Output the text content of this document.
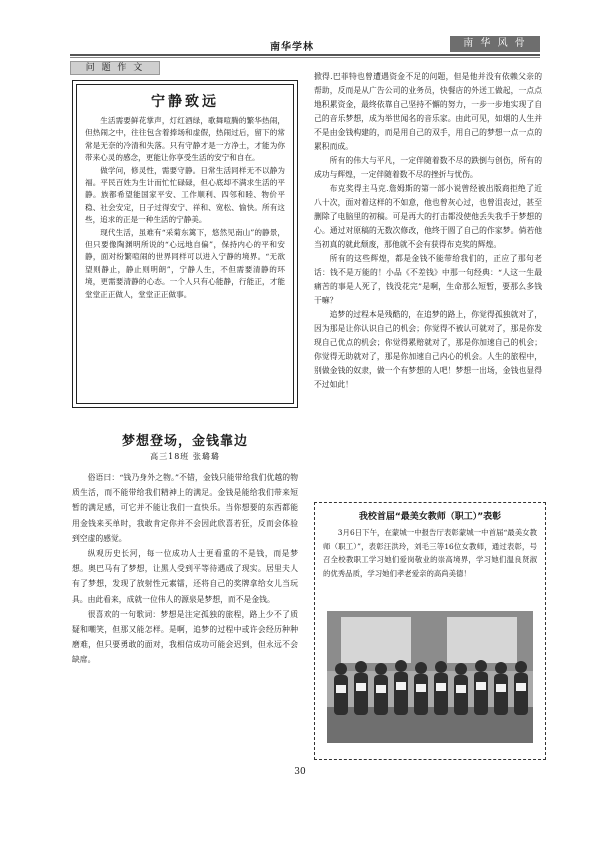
南华学林	南 华 风 骨
问 题 作 文
宁静致远

生活需要鲜花掌声，灯红酒绿，歌舞喧腾的繁华热闹，但热闹之中，往往包含着捧场和虚假，热闹过后，留下的常常是无奈的冷清和失落。只有守静才是一方净土，才能为你带来心灵的感念，更能让你享受生活的安宁和自在。

做学问，修灵性，需要守静。日常生活同样无不以静为福。平民百姓为生计而忙忙碌碌，但心底却不满求生活的平静。族都希望能国家平安、工作顺利、四邻和睦、物价平稳、社会安定，日子过得安宁、祥和、宽松、愉快。所有这些，追求的正是一种生活的宁静美。

现代生活，虽难有“采菊东篱下，悠然见南山”的静景，但只要像陶渊明所说的“心远地自偏”，保持内心的平和安静，面对纷繁喧闹的世界同样可以进入宁静的境界。“无欲望则静止，静止则明朗”，宁静人生，不但需要清静的环境，更需要清静的心态。一个人只有心能静，行能正，才能堂堂正正做人，堂堂正正做事。

梦想登场，金钱靠边
高三18班 张璐璐

俗语曰：“钱乃身外之物。”不错，金钱只能带给我们优越的物质生活，而不能带给我们精神上的满足。金钱是能给我们带来短暂的满足感，可它并不能让我们一直快乐。当你想要的东西都能用金钱来买单时，我敢肯定你并不会因此欣喜若狂，反而会体验到空虚的感觉。

纵观历史长河，每一位成功人士更看重的不是钱，而是梦想。奥巴马有了梦想，让黑人受到平等待遇成了现实。居里夫人有了梦想，发现了放射性元素镭，还将自己的奖牌拿给女儿当玩具。由此看来，成就一位伟人的源泉是梦想，而不是金钱。

很喜欢的一句歌词：梦想是注定孤独的旅程，路上少不了质疑和嘲笑，但那又能怎样。是啊，追梦的过程中或许会经历种种磨难，但只要勇敢的面对，我相信成功可能会迟到，但永远不会缺席。

掀得.巴菲特也曾遭遇资金不足的问题，但是他并没有依赖父亲的帮助，反而是从广告公司的业务员，快餐店的外送工做起，一点点地积累资金，最终依靠自己坚持不懈的努力，一步一步地实现了自己的音乐梦想，成为举世闻名的音乐家。由此可见，如烟的人生并不是由金钱构建的，而是用自己的双手，用自己的梦想一点一点的累积而成。

所有的伟大与平凡，一定伴随着数不尽的跌倒与创伤，所有的成功与辉煌，一定伴随着数不尽的挫折与忧伤。

布克奖得主马克.詹姆斯的第一部小说曾经被出版商拒绝了近八十次，面对着这样的不如意，他也曾灰心过，也曾沮丧过，甚至删除了电脑里的初稿。可是再大的打击都没使他丢失我手于梦想的心。通过对原稿的无数次修改，他终于圆了自己的作家梦。倘若他当初真的就此颓废，那他就不会有获得布克奖的辉煌。

所有的这些辉煌，都是金钱不能带给我们的，正应了那句老话：钱不是万能的！小品《不差钱》中那一句经典：“人这一生最痛苦的事是人死了，钱没花完”是啊，生命那么短暂，要那么多钱干嘛？

追梦的过程本是残酷的，在追梦的路上，你觉得孤独就对了，因为那是让你认识自己的机会；你觉得不被认可就对了，那是你发现自己优点的机会；你觉得累赔就对了，那是你加速自己的机会；你觉得无助就对了，那是你加速自己内心的机会。人生的旅程中，别做金钱的奴隶，做一个有梦想的人吧！梦想一出场，金钱也显得不过如此！

我校首届“最美女教师（职工）”表彰

3月6日下午，在蒙城一中报告厅表彰蒙城一中首届“最美女教师（职工）”，表彰汪洪玲，刘毛三等16位女教师，通过表彰，号召全校教职工学习她们爱岗敬业的崇高境界，学习她们温良贤淑的优秀品质，学习她们孝老爱亲的高尚美德！

30
